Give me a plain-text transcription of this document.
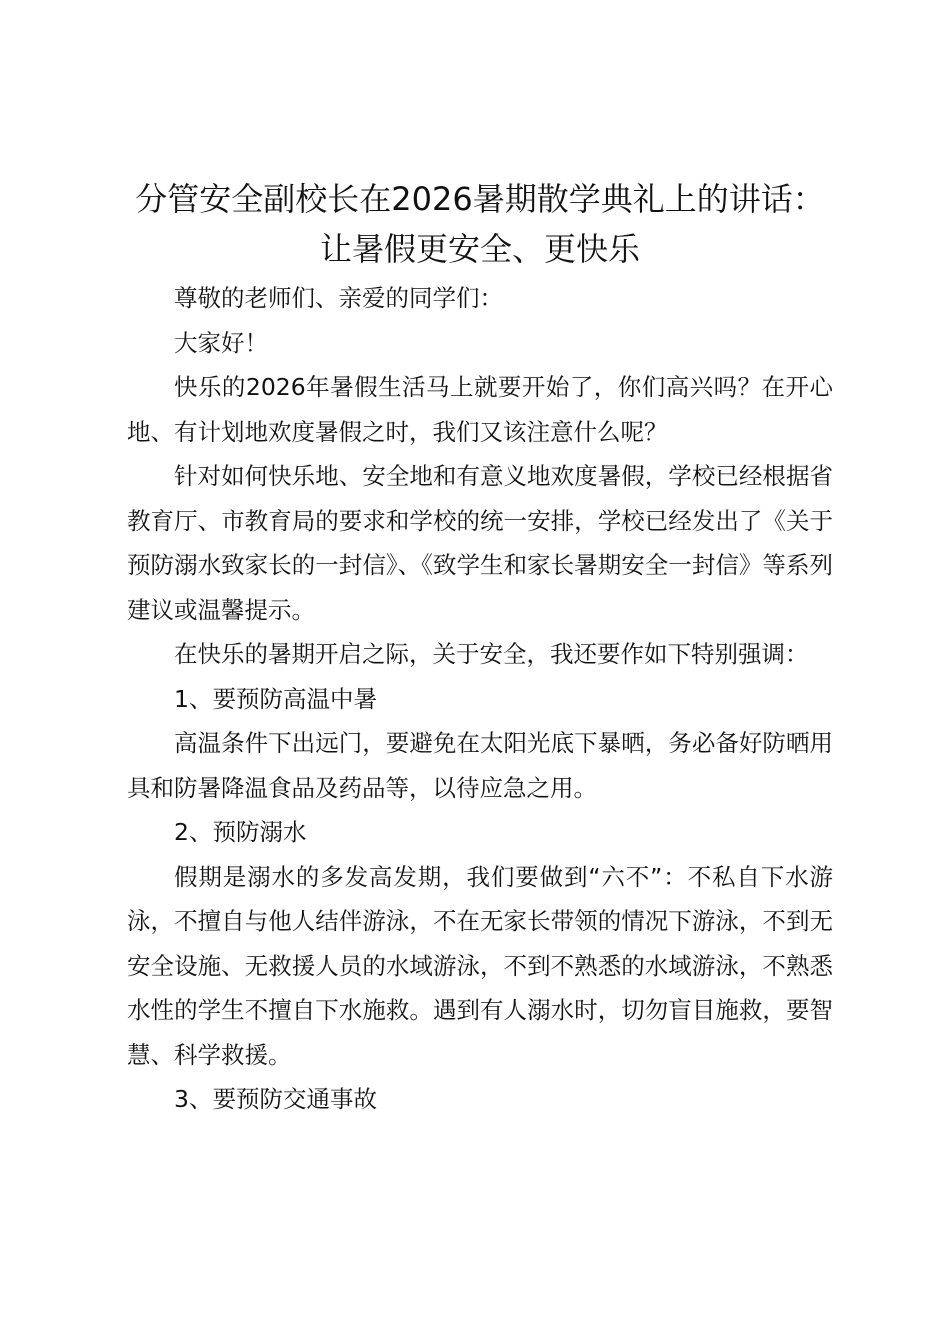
分管安全副校长在2026暑期散学典礼上的讲话：让暑假更安全、更快乐

尊敬的老师们、亲爱的同学们：

大家好！

快乐的2026年暑假生活马上就要开始了，你们高兴吗？在开心地、有计划地欢度暑假之时，我们又该注意什么呢？

针对如何快乐地、安全地和有意义地欢度暑假，学校已经根据省教育厅、市教育局的要求和学校的统一安排，学校已经发出了《关于预防溺水致家长的一封信》、《致学生和家长暑期安全一封信》等系列建议或温馨提示。

在快乐的暑期开启之际，关于安全，我还要作如下特别强调：

1、要预防高温中暑

高温条件下出远门，要避免在太阳光底下暴晒，务必备好防晒用具和防暑降温食品及药品等，以待应急之用。

2、预防溺水

假期是溺水的多发高发期，我们要做到“六不”：不私自下水游泳，不擅自与他人结伴游泳，不在无家长带领的情况下游泳，不到无安全设施、无救援人员的水域游泳，不到不熟悉的水域游泳，不熟悉水性的学生不擅自下水施救。遇到有人溺水时，切勿盲目施救，要智慧、科学救援。

3、要预防交通事故
